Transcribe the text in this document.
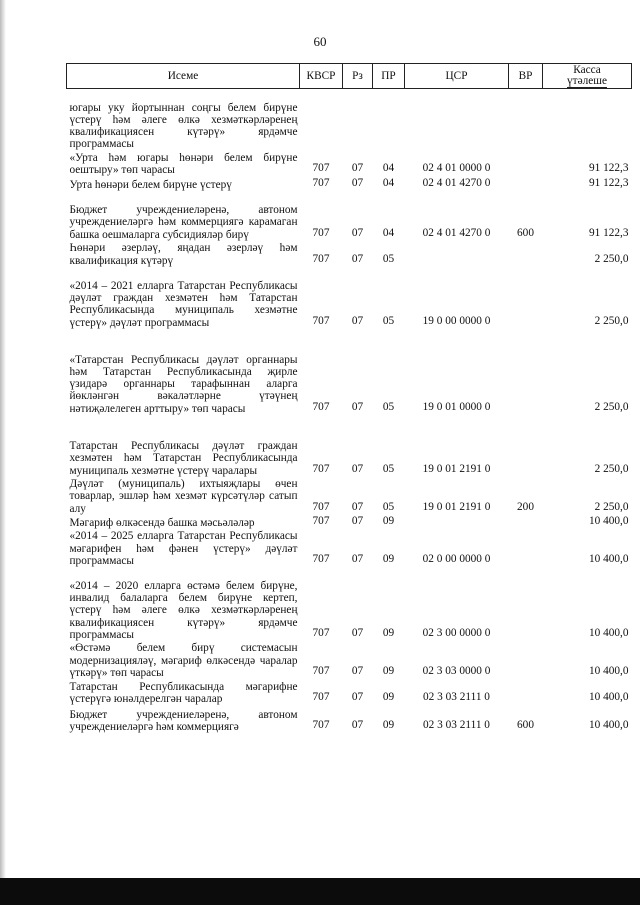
60
Исеме	КВСР	Рз	ПР	ЦСР	ВР	Касса
үтәлеше
югары уку йортыннан соңгы белем бирүне үстерү һәм әлеге өлкә хезмәткәрләренең квалификациясен күтәрү» ярдәмче программасы						
«Урта һәм югары һөнәри белем бирүне оештыру» төп чарасы	707	07	04	02 4 01 0000 0		91 122,3
Урта һөнәри белем бирүне үстерү	707	07	04	02 4 01 4270 0		91 122,3
Бюджет учреждениеләренә, автоном учреждениеләргә һәм коммерциягә карамаган башка оешмаларга субсидияләр бирү	707	07	04	02 4 01 4270 0	600	91 122,3
Һөнәри әзерләү, яңадан әзерләү һәм квалификация күтәрү	707	07	05			2 250,0
«2014 – 2021 елларга Татарстан Республикасы дәүләт граждан хезмәтен һәм Татарстан Республикасында муниципаль хезмәтне үстерү» дәүләт программасы	707	07	05	19 0 00 0000 0		2 250,0
«Татарстан Республикасы дәүләт органнары һәм Татарстан Республикасында җирле үзидарә органнары тарафыннан аларга йөкләнгән вәкаләтләрне үтәүнең нәтиҗәлелеген арттыру» төп чарасы	707	07	05	19 0 01 0000 0		2 250,0
Татарстан Республикасы дәүләт граждан хезмәтен һәм Татарстан Республикасында муниципаль хезмәтне үстерү чаралары	707	07	05	19 0 01 2191 0		2 250,0
Дәүләт (муниципаль) ихтыяҗлары өчен товарлар, эшләр һәм хезмәт күрсәтүләр сатып алу	707	07	05	19 0 01 2191 0	200	2 250,0
Мәгариф өлкәсендә башка мәсьәләләр	707	07	09			10 400,0
«2014 – 2025 елларга Татарстан Республикасы мәгарифен һәм фәнен үстерү» дәүләт программасы	707	07	09	02 0 00 0000 0		10 400,0
«2014 – 2020 елларга өстәмә белем бирүне, инвалид балаларга белем бирүне кертеп, үстерү һәм әлеге өлкә хезмәткәрләренең квалификациясен күтәрү» ярдәмче программасы	707	07	09	02 3 00 0000 0		10 400,0
«Өстәмә белем бирү системасын модернизацияләү, мәгариф өлкәсендә чаралар үткәрү» төп чарасы	707	07	09	02 3 03 0000 0		10 400,0
Татарстан Республикасында мәгарифне үстерүгә юнәлдерелгән чаралар	707	07	09	02 3 03 2111 0		10 400,0
Бюджет учреждениеләренә, автоном учреждениеләргә һәм коммерциягә	707	07	09	02 3 03 2111 0	600	10 400,0
